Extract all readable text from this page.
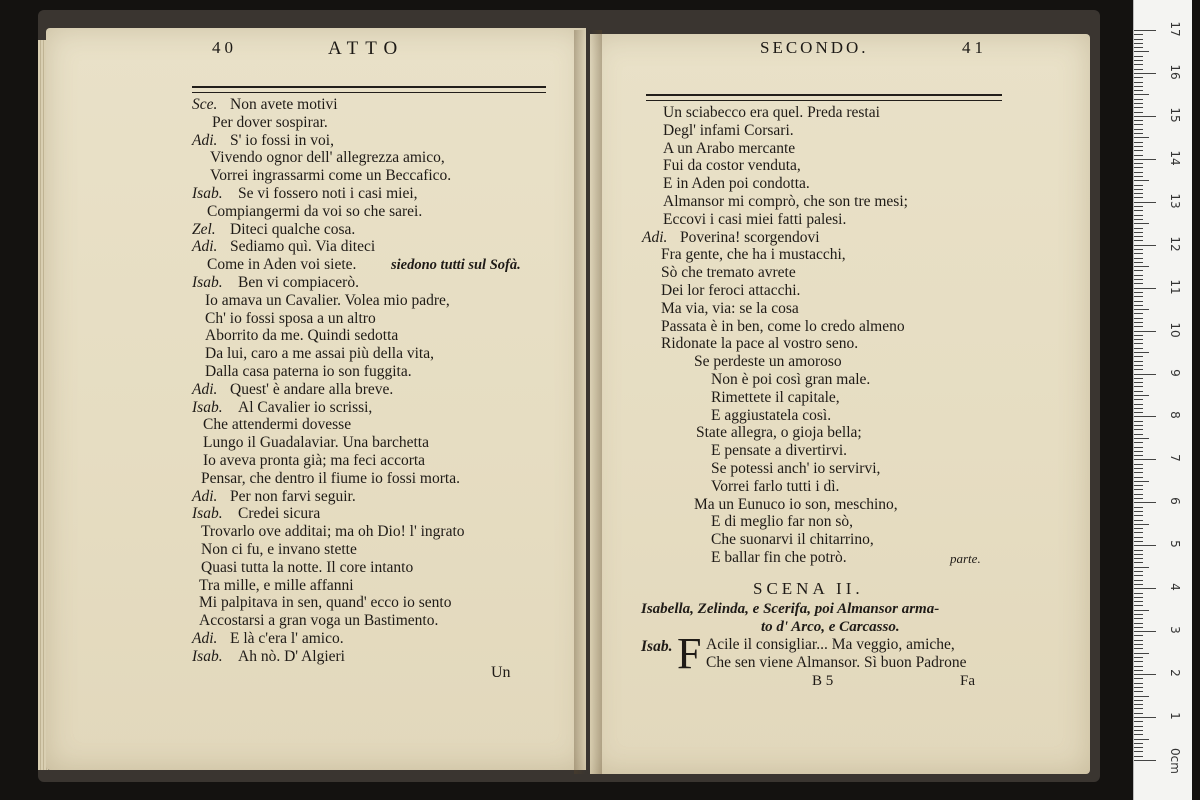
40	ATTO
Sce. Non avete motivi
Per dover sospirar.
Adi. S' io fossi in voi,
Vivendo ognor dell' allegrezza amico,
Vorrei ingrassarmi come un Beccafico.
Isab. Se vi fossero noti i casi miei,
Compiangermi da voi so che sarei.
Zel. Diteci qualche cosa.
Adi. Sediamo quì. Via diteci
Come in Aden voi siete.
Isab. Ben vi compiacerò.
Io amava un Cavalier. Volea mio padre,
Ch' io fossi sposa a un altro
Aborrito da me. Quindi sedotta
Da lui, caro a me assai più della vita,
Dalla casa paterna io son fuggita.
Adi. Quest' è andare alla breve.
Isab. Al Cavalier io scrissi,
Che attendermi dovesse
Lungo il Guadalaviar. Una barchetta
Io aveva pronta già; ma feci accorta
Pensar, che dentro il fiume io fossi morta.
Adi. Per non farvi seguir.
Isab. Credei sicura
Trovarlo ove additai; ma oh Dio! l' ingrato
Non ci fu, e invano stette
Quasi tutta la notte. Il core intanto
Tra mille, e mille affanni
Mi palpitava in sen, quand' ecco io sento
Accostarsi a gran voga un Bastimento.
Adi. E là c'era l' amico.
Isab. Ah nò. D' Algieri
siedono tutti sul Sofà.
Un
SECONDO.	41
Un sciabecco era quel. Preda restai
Degl' infami Corsari.
A un Arabo mercante
Fui da costor venduta,
E in Aden poi condotta.
Almansor mi comprò, che son tre mesi;
Eccovi i casi miei fatti palesi.
Adi. Poverina! scorgendovi
Fra gente, che ha i mustacchi,
Sò che tremato avrete
Dei lor feroci attacchi.
Ma via, via: se la cosa
Passata è in ben, come lo credo almeno
Ridonate la pace al vostro seno.
Se perdeste un amoroso
Non è poi così gran male.
Rimettete il capitale,
E aggiustatela così.
State allegra, o gioja bella;
E pensate a divertirvi.
Se potessi anch' io servirvi,
Vorrei farlo tutti i dì.
Ma un Eunuco io son, meschino,
E di meglio far non sò,
Che suonarvi il chitarrino,
E ballar fin che potrò.	parte.
SCENA II.
Isabella, Zelinda, e Scerifa, poi Almansor arma-
to d' Arco, e Carcasso.
Isab. F Acile il consigliar... Ma veggio, amiche,
Che sen viene Almansor. Sì buon Padrone
B 5	Fa
17
16
15
14
13
12
11
10
9
8
7
6
5
4
3
2
1
0cm
